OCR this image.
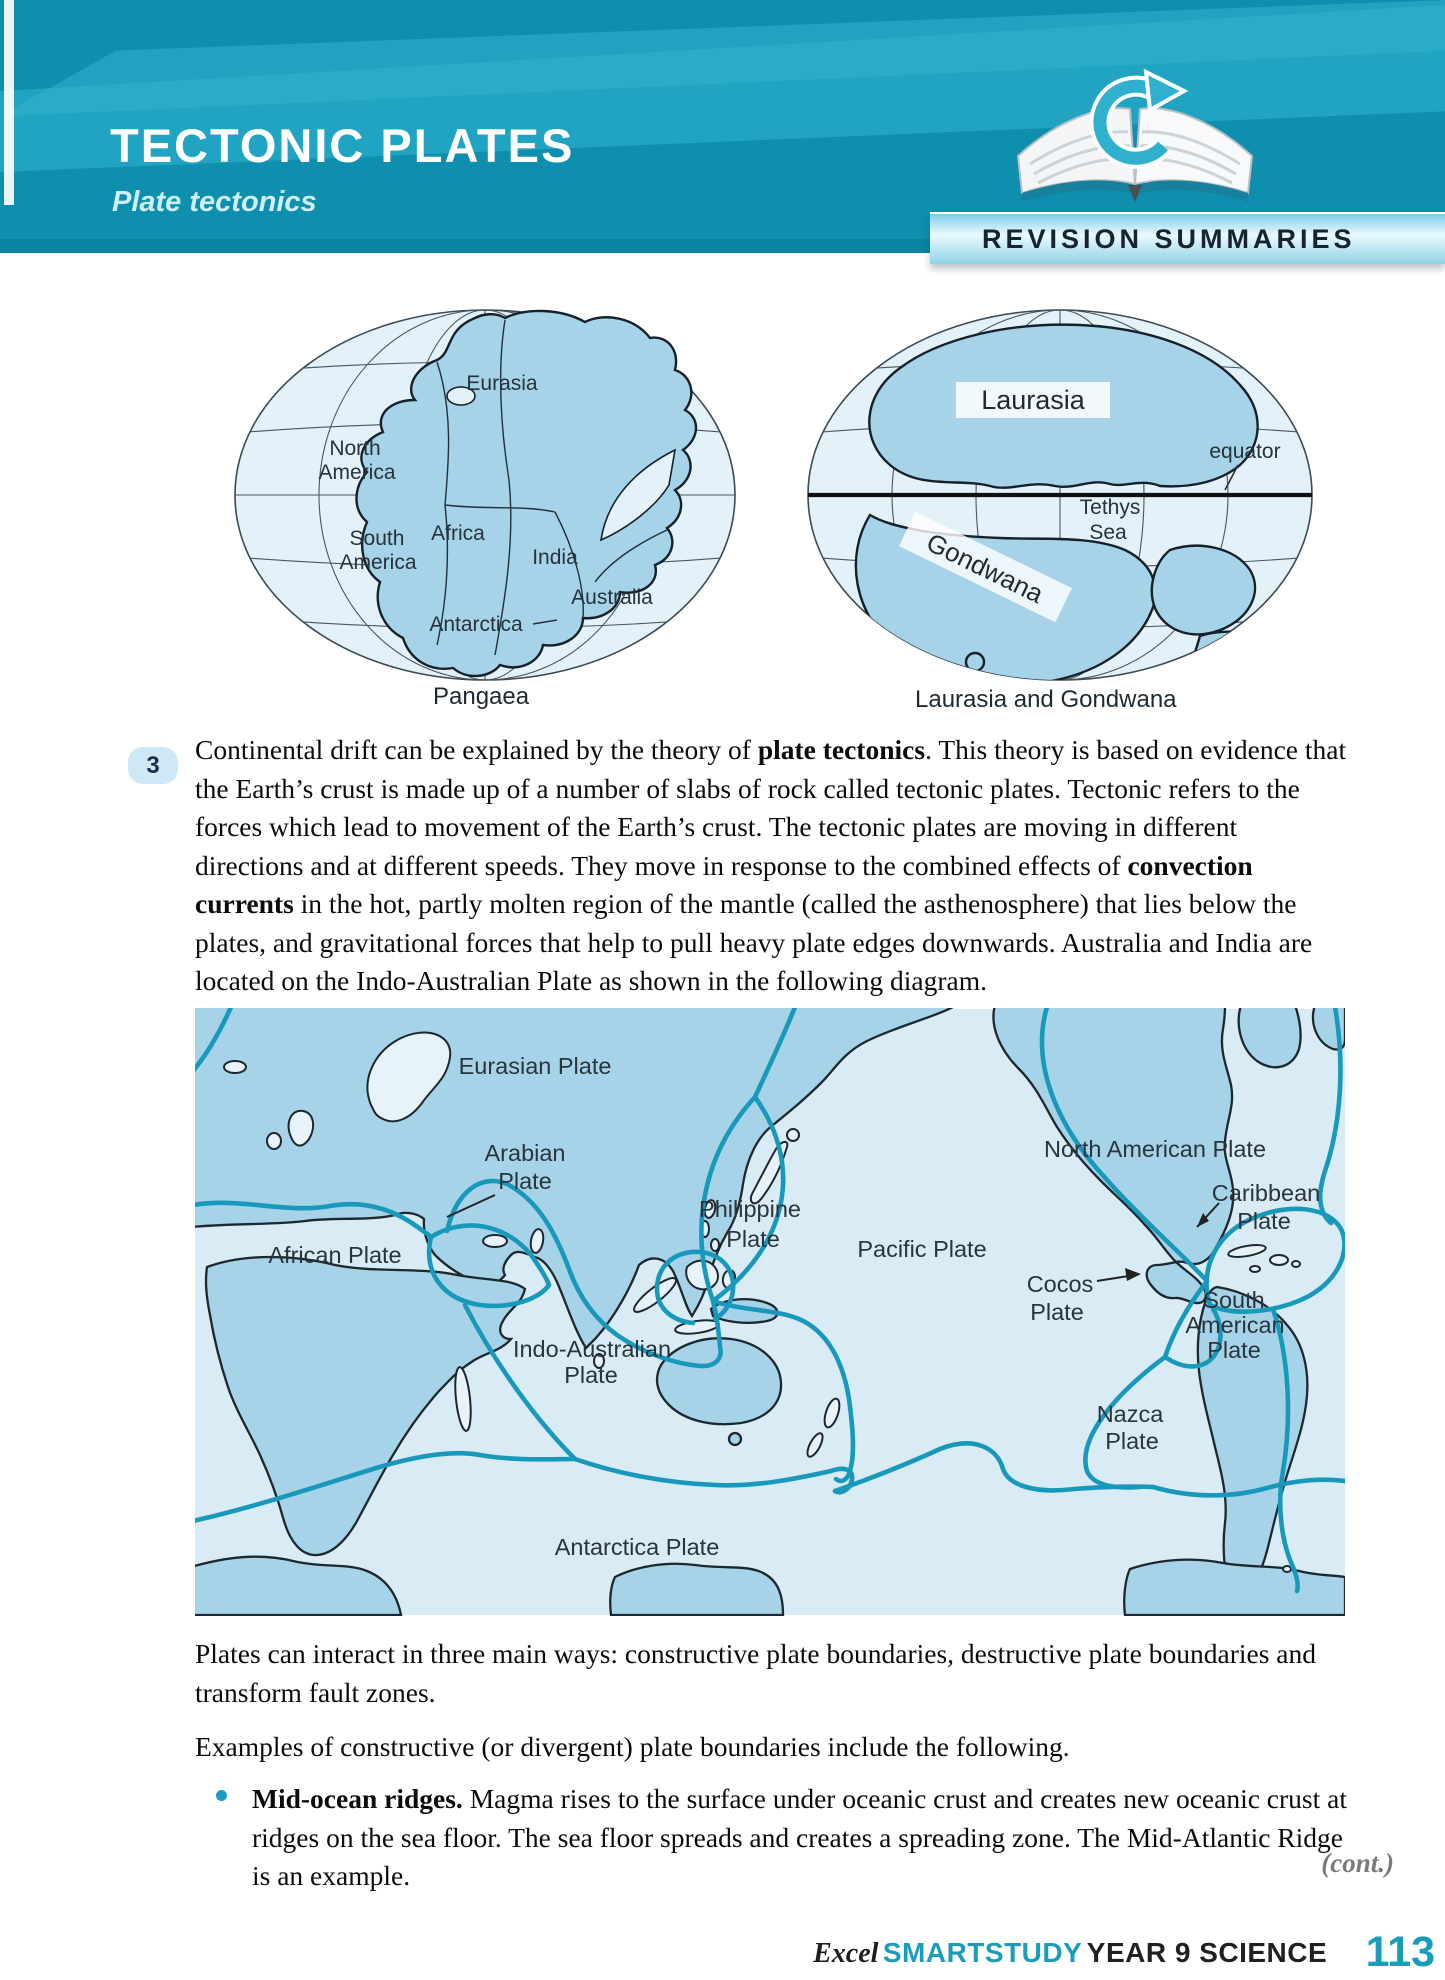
TECTONIC PLATES
Plate tectonics
REVISION SUMMARIES
Eurasia
North
America
South
America
Africa
India
Australia
Antarctica
Pangaea
Laurasia
equator
Tethys
Sea
Gondwana
Laurasia and Gondwana
3	Continental drift can be explained by the theory of plate tectonics. This theory is based on evidence that the Earth’s crust is made up of a number of slabs of rock called tectonic plates. Tectonic refers to the forces which lead to movement of the Earth’s crust. The tectonic plates are moving in different directions and at different speeds. They move in response to the combined effects of convection currents in the hot, partly molten region of the mantle (called the asthenosphere) that lies below the plates, and gravitational forces that help to pull heavy plate edges downwards. Australia and India are located on the Indo-Australian Plate as shown in the following diagram.
Eurasian Plate
Arabian
Plate
African Plate
Philippine
Plate	Pacific Plate
North American Plate
Caribbean
Plate
Cocos
Plate	South
American
Plate
Nazca
Plate
Indo-Australian
Plate
Antarctica Plate
Plates can interact in three main ways: constructive plate boundaries, destructive plate boundaries and transform fault zones.
Examples of constructive (or divergent) plate boundaries include the following.
Mid-ocean ridges. Magma rises to the surface under oceanic crust and creates new oceanic crust at ridges on the sea floor. The sea floor spreads and creates a spreading zone. The Mid-Atlantic Ridge is an example.	(cont.)
Excel SMARTSTUDY YEAR 9 SCIENCE 113
